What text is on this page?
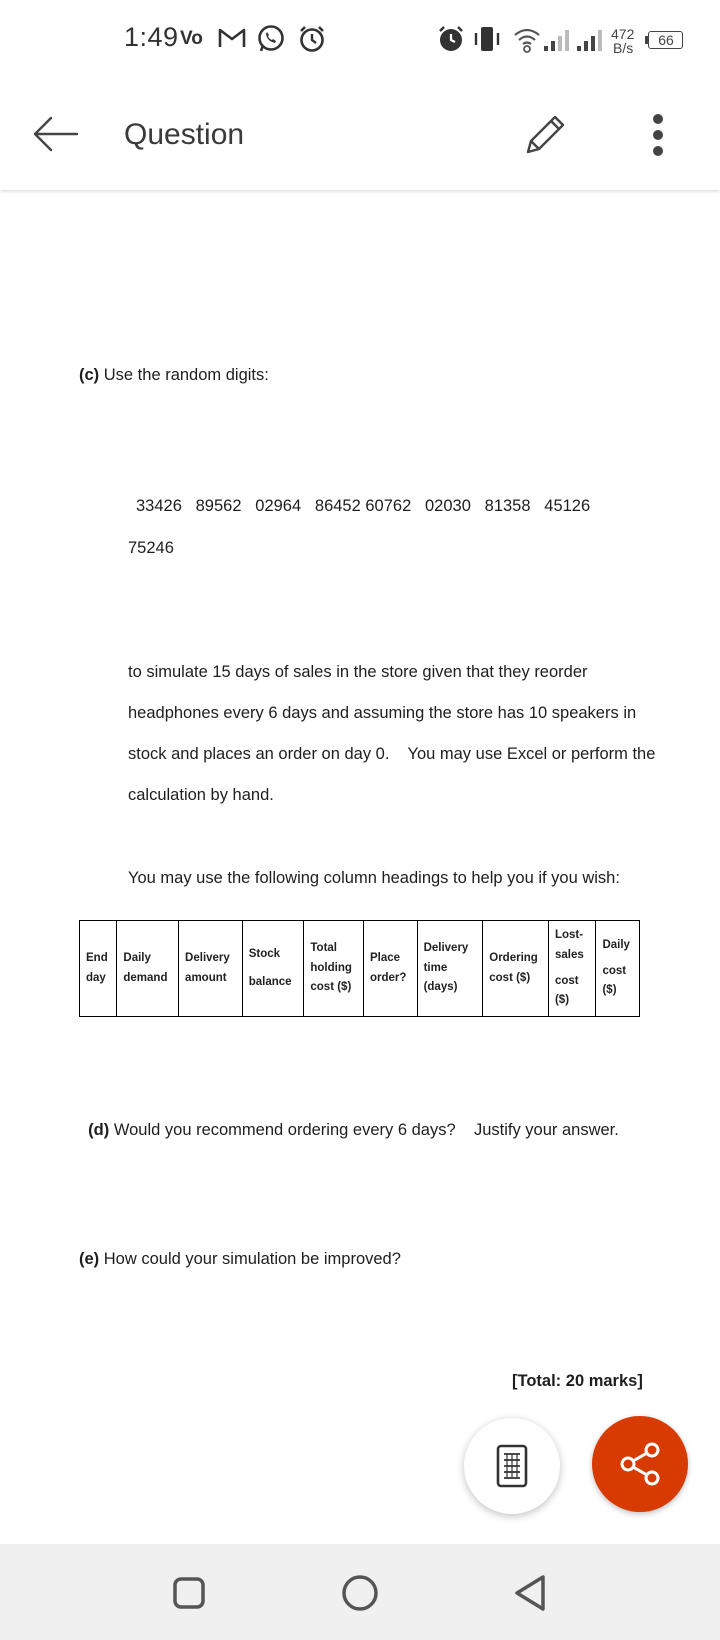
1:49 Vo	472
B/s	66
Question
(c) Use the random digits:
33426   89562   02964   86452 60762   02030   81358   45126
75246
to simulate 15 days of sales in the store given that they reorder
headphones every 6 days and assuming the store has 10 speakers in
stock and places an order on day 0.    You may use Excel or perform the
calculation by hand.
You may use the following column headings to help you if you wish:
End
day

Daily
demand

Delivery
amount

Stock
balance

Total
holding
cost ($)

Place
order?

Delivery
time
(days)

Ordering
cost ($)

Lost-
sales
cost
($)

Daily
cost
($)

(d) Would you recommend ordering every 6 days?    Justify your answer.

(e) How could your simulation be improved?
[Total: 20 marks]
